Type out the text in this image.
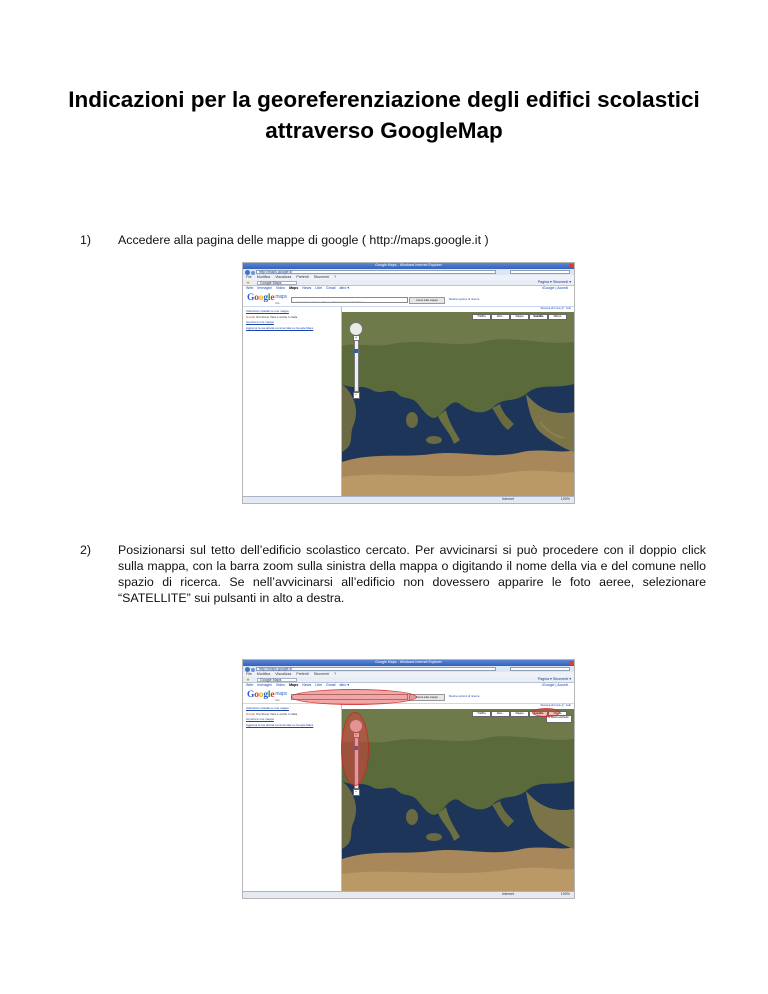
Indicazioni per la georeferenziazione degli edifici scolastici attraverso GoogleMap
1) Accedere alla pagina delle mappe di google ( http://maps.google.it )
Google Maps - Windows Internet Explorer
http://maps.google.it/
File Modifica Visualizza Preferiti Strumenti ?
★	Google Maps	Pagina ▾ Strumenti ▾
Web Immagini Video Maps News Libri Gmail altro ▾	iGoogle | Accedi
Google$^{maps}$
Italia	Es. via del Corso 1 Roma, Milano o Pizzerie vicino al Pantheon
Cerca sulle mappe	Mostra opzioni di ricerca
Indicazioni stradali Le mie mappe
Novità! Ora Street View è anche in Italia
Importa le mie mappe
Aggiungi la tua attività commerciale su Google Maps
Stampa ✉ Invia 🔗 Link
+
−
Traffico	Altro...	Mappa	Satellite	Rilievo
Internet	100%
2) Posizionarsi sul tetto dell’edificio scolastico cercato. Per avvicinarsi si può procedere con il doppio click sulla mappa, con la barra zoom sulla sinistra della mappa o digitando il nome della via e del comune nello spazio di ricerca. Se nell’avvicinarsi all’edificio non dovessero apparire le foto aeree, selezionare “SATELLITE” sui pulsanti in alto a destra.
Google Maps - Windows Internet Explorer
http://maps.google.it/
File Modifica Visualizza Preferiti Strumenti ?
★	Google Maps	Pagina ▾ Strumenti ▾
Web Immagini Video Maps News Libri Gmail altro ▾	iGoogle | Accedi
Google$^{maps}$
Italia
Cerca sulle mappe	Mostra opzioni di ricerca
Indicazioni stradali Le mie mappe
Novità! Ora Street View è anche in Italia
Importa le mie mappe
Aggiungi la tua attività commerciale su Google Maps
Stampa ✉ Invia 🔗 Link
−
Traffico	Altro...	Mappa	Satellite	Rilievo
☑ Mostra etichette
Internet	100%
